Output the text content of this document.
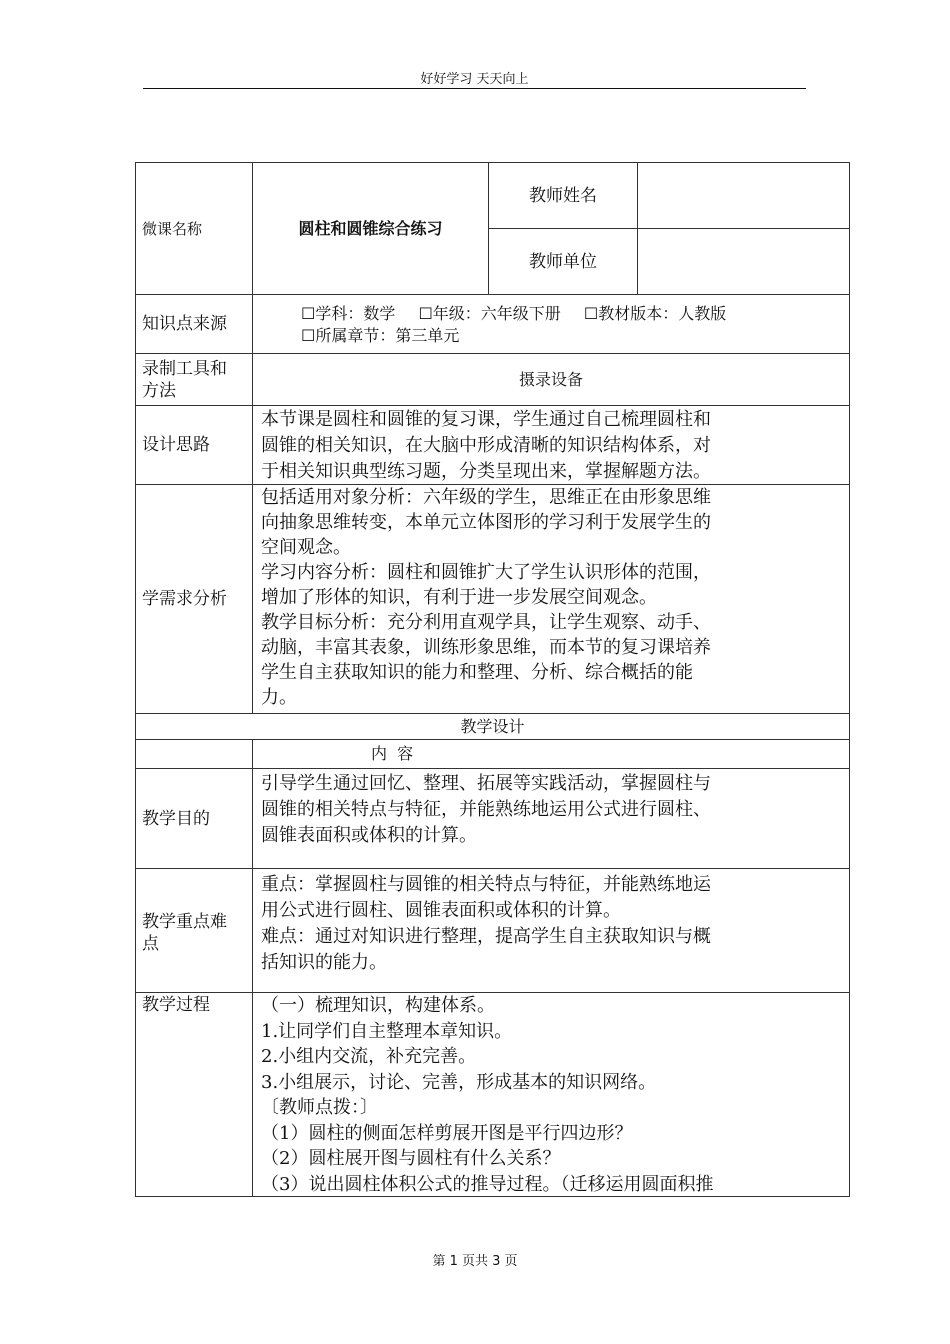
好好学习 天天向上
微课名称	圆柱和圆锥综合练习
教师姓名
教师单位
知识点来源
☐学科：数学 ☐年级：六年级下册 ☐教材版本：人教版
☐所属章节：第三单元
录制工具和
方法
摄录设备
设计思路
本节课是圆柱和圆锥的复习课，学生通过自己梳理圆柱和
圆锥的相关知识，在大脑中形成清晰的知识结构体系，对
于相关知识典型练习题，分类呈现出来，掌握解题方法。
学需求分析
包括适用对象分析：六年级的学生，思维正在由形象思维
向抽象思维转变，本单元立体图形的学习利于发展学生的
空间观念。
学习内容分析：圆柱和圆锥扩大了学生认识形体的范围，
增加了形体的知识，有利于进一步发展空间观念。
教学目标分析：充分利用直观学具，让学生观察、动手、
动脑，丰富其表象，训练形象思维，而本节的复习课培养
学生自主获取知识的能力和整理、分析、综合概括的能
力。
教学设计
内  容
教学目的
引导学生通过回忆、整理、拓展等实践活动，掌握圆柱与
圆锥的相关特点与特征，并能熟练地运用公式进行圆柱、
圆锥表面积或体积的计算。
教学重点难
点
重点：掌握圆柱与圆锥的相关特点与特征，并能熟练地运
用公式进行圆柱、圆锥表面积或体积的计算。
难点：通过对知识进行整理，提高学生自主获取知识与概
括知识的能力。
教学过程	（一）梳理知识，构建体系。
1.让同学们自主整理本章知识。
2.小组内交流，补充完善。
3.小组展示，讨论、完善，形成基本的知识网络。
〔教师点拨：〕
（1）圆柱的侧面怎样剪展开图是平行四边形？
（2）圆柱展开图与圆柱有什么关系？
（3）说出圆柱体积公式的推导过程。（迁移运用圆面积推
第 1 页共 3 页
